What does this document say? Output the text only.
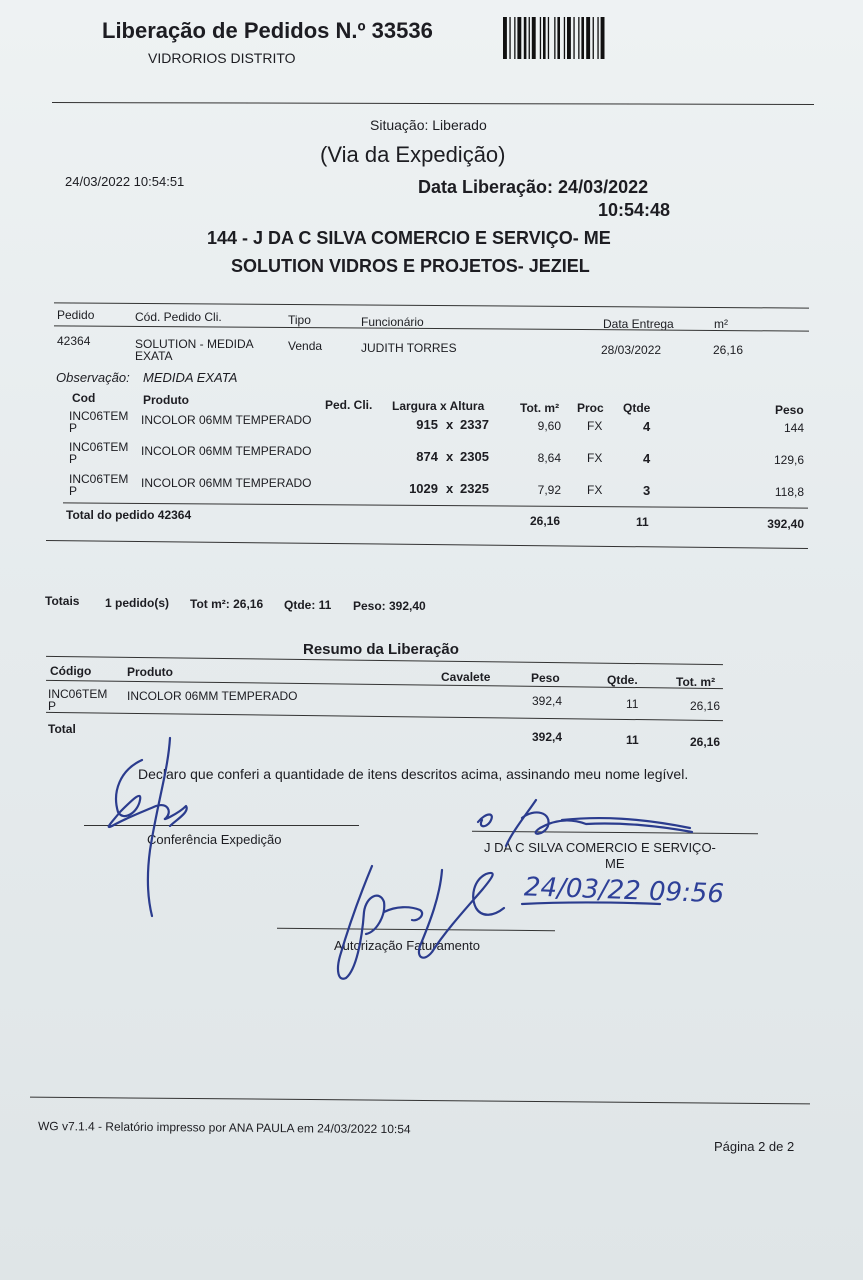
Liberação de Pedidos N.º 33536
VIDRORIOS DISTRITO
Situação: Liberado
(Via da Expedição)
24/03/2022 10:54:51	Data Liberação: 24/03/2022
10:54:48
144 - J DA C SILVA COMERCIO E SERVIÇO- ME
SOLUTION VIDROS E PROJETOS- JEZIEL
Pedido	Cód. Pedido Cli.	Tipo	Funcionário	Data Entrega	m²
42364	SOLUTION - MEDIDA
EXATA
Venda	JUDITH TORRES	28/03/2022	26,16
Observação: MEDIDA EXATA
Cod	Produto	Ped. Cli. Largura x Altura	Tot. m² Proc Qtde	Peso
INC06TEM
P
INCOLOR 06MM TEMPERADO	915 x 2337	9,60 FX	4	144
INC06TEM
P
INCOLOR 06MM TEMPERADO	874 x 2305	8,64 FX	4	129,6
INC06TEM
P
INCOLOR 06MM TEMPERADO	1029 x 2325	7,92 FX	3	118,8
Total do pedido 42364	26,16	11	392,40
Totais 1 pedido(s) Tot m²: 26,16 Qtde: 11 Peso: 392,40
Resumo da Liberação
Código	Produto	Cavalete	Peso	Qtde.	Tot. m²
INC06TEM
P
INCOLOR 06MM TEMPERADO	392,4	11	26,16
Total
392,4	11	26,16
Declaro que conferi a quantidade de itens descritos acima, assinando meu nome legível.
Conferência Expedição
J DA C SILVA COMERCIO E SERVIÇO-
ME
Autorização Faturamento
24/03/22 09:56
WG v7.1.4 - Relatório impresso por ANA PAULA em 24/03/2022 10:54
Página 2 de 2
